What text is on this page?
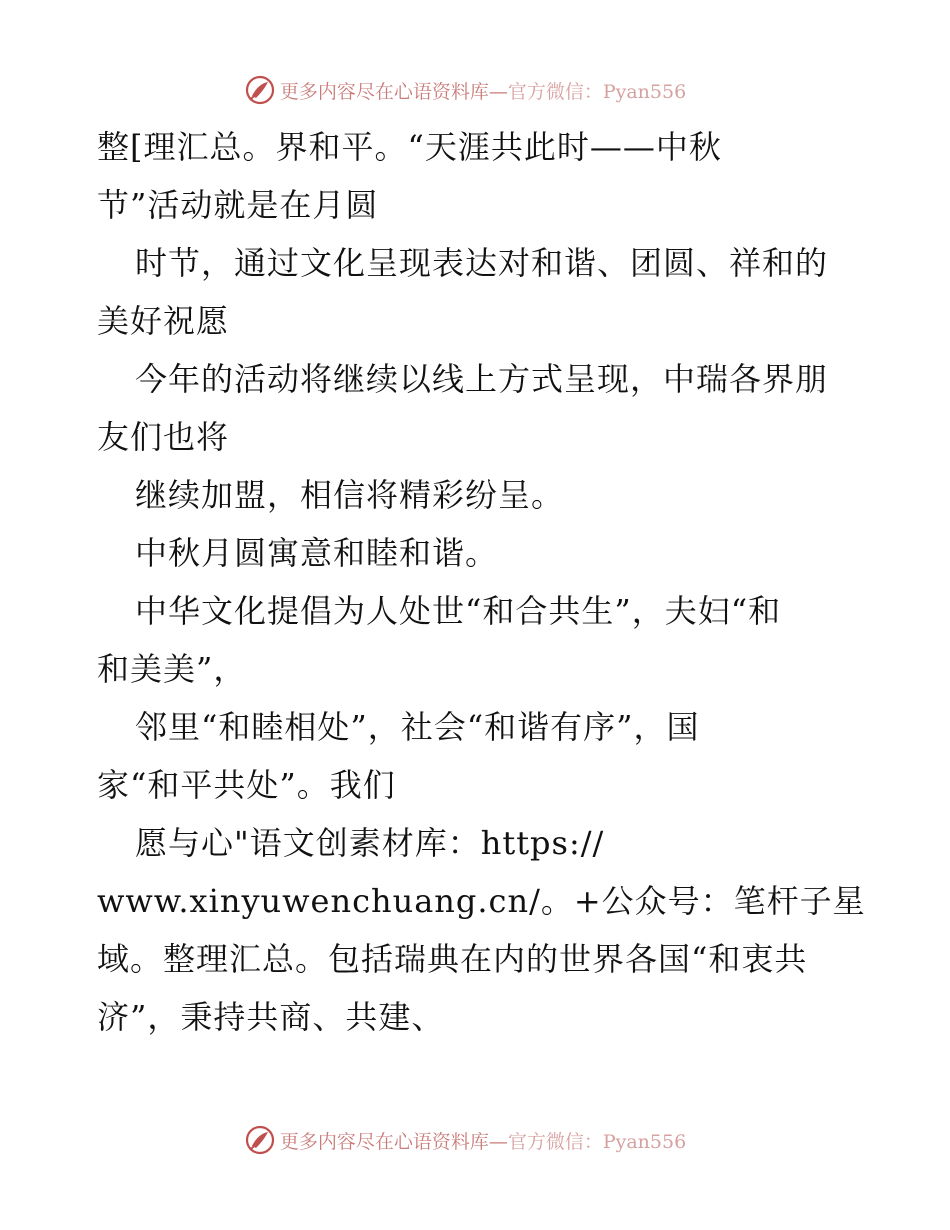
更多内容尽在心语资料库—官方微信：Pyan556
整[理汇总。界和平。“天涯共此时——中秋
节”活动就是在月圆
时节，通过文化呈现表达对和谐、团圆、祥和的
美好祝愿
今年的活动将继续以线上方式呈现，中瑞各界朋
友们也将
继续加盟，相信将精彩纷呈。
中秋月圆寓意和睦和谐。
中华文化提倡为人处世“和合共生”，夫妇“和
和美美”，
邻里“和睦相处”，社会“和谐有序”，国
家“和平共处”。我们
愿与心"语文创素材库：https://
www.xinyuwenchuang.cn/。+公众号：笔杆子星
域。整理汇总。包括瑞典在内的世界各国“和衷共
济”，秉持共商、共建、
更多内容尽在心语资料库—官方微信：Pyan556
